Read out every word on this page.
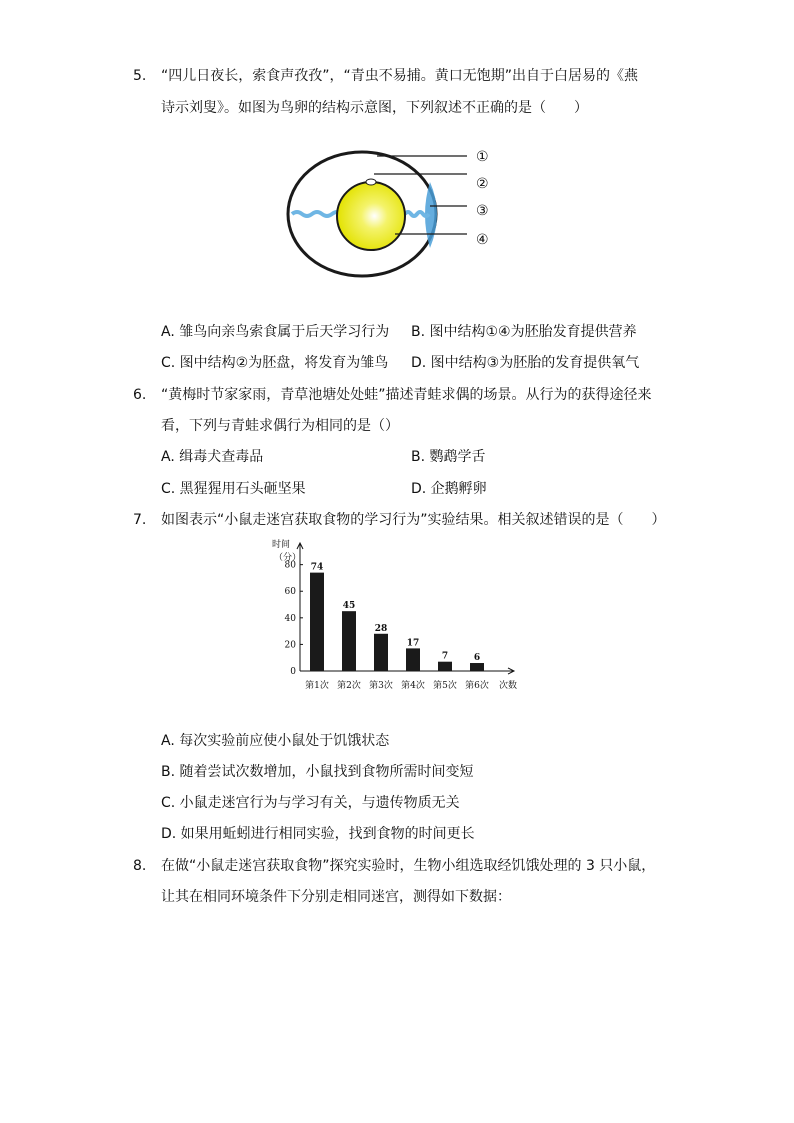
5. “四儿日夜长，索食声孜孜”，“青虫不易捕。黄口无饱期”出自于白居易的《燕
诗示刘叟》。如图为鸟卵的结构示意图，下列叙述不正确的是（　　）
①
②
③
④
A. 雏鸟向亲鸟索食属于后天学习行为 B. 图中结构①④为胚胎发育提供营养
C. 图中结构②为胚盘，将发育为雏鸟 D. 图中结构③为胚胎的发育提供氧气
6. “黄梅时节家家雨，青草池塘处处蛙”描述青蛙求偶的场景。从行为的获得途径来
看，下列与青蛙求偶行为相同的是（）
A. 缉毒犬查毒品	B. 鹦鹉学舌
C. 黑猩猩用石头砸坚果	D. 企鹅孵卵
7. 如图表示“小鼠走迷宫获取食物的学习行为”实验结果。相关叙述错误的是（　　）
时间
（分）
0
20
40
60
80 74
45
28
17
7	6
第1次 第2次 第3次 第4次 第5次 第6次 次数
A. 每次实验前应使小鼠处于饥饿状态
B. 随着尝试次数增加，小鼠找到食物所需时间变短
C. 小鼠走迷宫行为与学习有关，与遗传物质无关
D. 如果用蚯蚓进行相同实验，找到食物的时间更长
8. 在做“小鼠走迷宫获取食物”探究实验时，生物小组选取经饥饿处理的 3 只小鼠，
让其在相同环境条件下分别走相同迷宫，测得如下数据：
